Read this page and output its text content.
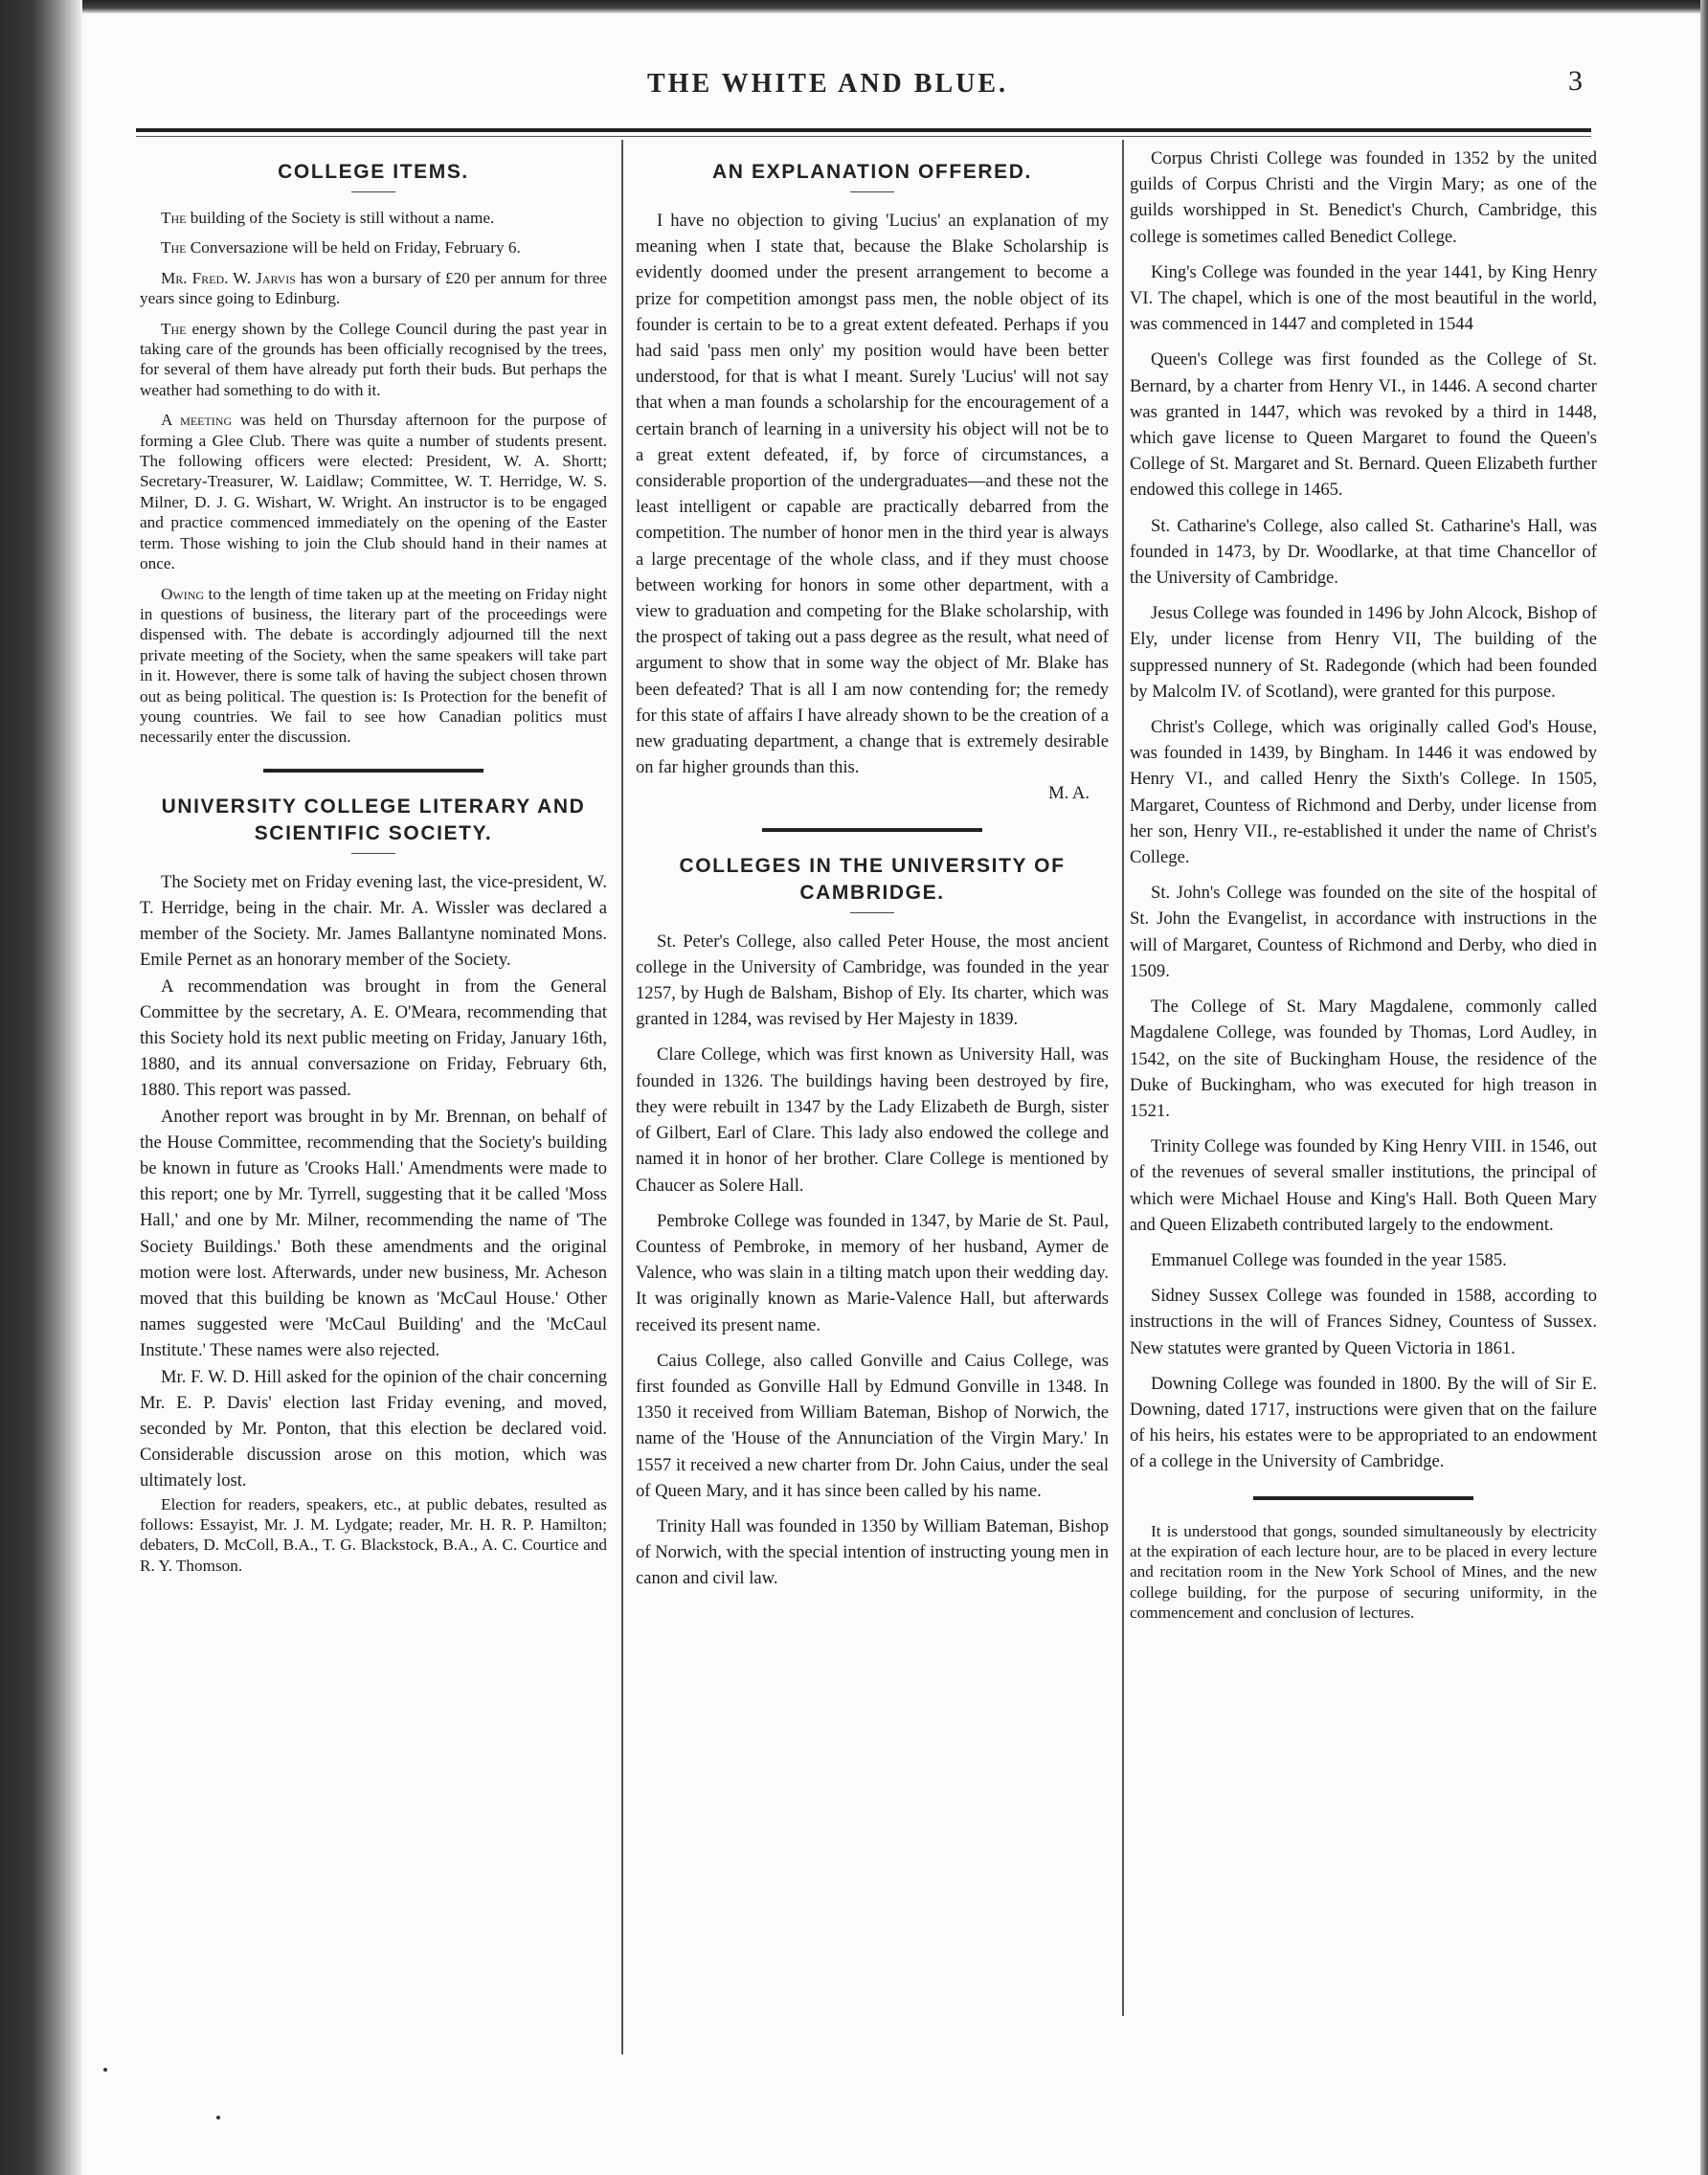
THE WHITE AND BLUE.	3
COLLEGE ITEMS.

The building of the Society is still without a name.

The Conversazione will be held on Friday, February 6.

Mr. Fred. W. Jarvis has won a bursary of £20 per annum for three years since going to Edinburg.

The energy shown by the College Council during the past year in taking care of the grounds has been officially recognised by the trees, for several of them have already put forth their buds. But perhaps the weather had something to do with it.

A meeting was held on Thursday afternoon for the purpose of forming a Glee Club. There was quite a number of students present. The following officers were elected: President, W. A. Shortt; Secretary-Treasurer, W. Laidlaw; Committee, W. T. Herridge, W. S. Milner, D. J. G. Wishart, W. Wright. An instructor is to be engaged and practice commenced immediately on the opening of the Easter term. Those wishing to join the Club should hand in their names at once.

Owing to the length of time taken up at the meeting on Friday night in questions of business, the literary part of the proceedings were dispensed with. The debate is accordingly adjourned till the next private meeting of the Society, when the same speakers will take part in it. However, there is some talk of having the subject chosen thrown out as being political. The question is: Is Protection for the benefit of young countries. We fail to see how Canadian politics must necessarily enter the discussion.

UNIVERSITY COLLEGE LITERARY AND SCIENTIFIC SOCIETY.

The Society met on Friday evening last, the vice-president, W. T. Herridge, being in the chair. Mr. A. Wissler was declared a member of the Society. Mr. James Ballantyne nominated Mons. Emile Pernet as an honorary member of the Society.

A recommendation was brought in from the General Committee by the secretary, A. E. O'Meara, recommending that this Society hold its next public meeting on Friday, January 16th, 1880, and its annual conversazione on Friday, February 6th, 1880. This report was passed.

Another report was brought in by Mr. Brennan, on behalf of the House Committee, recommending that the Society's building be known in future as 'Crooks Hall.' Amendments were made to this report; one by Mr. Tyrrell, suggesting that it be called 'Moss Hall,' and one by Mr. Milner, recommending the name of 'The Society Buildings.' Both these amendments and the original motion were lost. Afterwards, under new business, Mr. Acheson moved that this building be known as 'McCaul House.' Other names suggested were 'McCaul Building' and the 'McCaul Institute.' These names were also rejected.

Mr. F. W. D. Hill asked for the opinion of the chair concerning Mr. E. P. Davis' election last Friday evening, and moved, seconded by Mr. Ponton, that this election be declared void. Considerable discussion arose on this motion, which was ultimately lost.

Election for readers, speakers, etc., at public debates, resulted as follows: Essayist, Mr. J. M. Lydgate; reader, Mr. H. R. P. Hamilton; debaters, D. McColl, B.A., T. G. Blackstock, B.A., A. C. Courtice and R. Y. Thomson.

AN EXPLANATION OFFERED.

I have no objection to giving 'Lucius' an explanation of my meaning when I state that, because the Blake Scholarship is evidently doomed under the present arrangement to become a prize for competition amongst pass men, the noble object of its founder is certain to be to a great extent defeated. Perhaps if you had said 'pass men only' my position would have been better understood, for that is what I meant. Surely 'Lucius' will not say that when a man founds a scholarship for the encouragement of a certain branch of learning in a university his object will not be to a great extent defeated, if, by force of circumstances, a considerable proportion of the undergraduates—and these not the least intelligent or capable are practically debarred from the competition. The number of honor men in the third year is always a large precentage of the whole class, and if they must choose between working for honors in some other department, with a view to graduation and competing for the Blake scholarship, with the prospect of taking out a pass degree as the result, what need of argument to show that in some way the object of Mr. Blake has been defeated? That is all I am now contending for; the remedy for this state of affairs I have already shown to be the creation of a new graduating department, a change that is extremely desirable on far higher grounds than this.

M. A.
COLLEGES IN THE UNIVERSITY OF CAMBRIDGE.

St. Peter's College, also called Peter House, the most ancient college in the University of Cambridge, was founded in the year 1257, by Hugh de Balsham, Bishop of Ely. Its charter, which was granted in 1284, was revised by Her Majesty in 1839.

Clare College, which was first known as University Hall, was founded in 1326. The buildings having been destroyed by fire, they were rebuilt in 1347 by the Lady Elizabeth de Burgh, sister of Gilbert, Earl of Clare. This lady also endowed the college and named it in honor of her brother. Clare College is mentioned by Chaucer as Solere Hall.

Pembroke College was founded in 1347, by Marie de St. Paul, Countess of Pembroke, in memory of her husband, Aymer de Valence, who was slain in a tilting match upon their wedding day. It was originally known as Marie-Valence Hall, but afterwards received its present name.

Caius College, also called Gonville and Caius College, was first founded as Gonville Hall by Edmund Gonville in 1348. In 1350 it received from William Bateman, Bishop of Norwich, the name of the 'House of the Annunciation of the Virgin Mary.' In 1557 it received a new charter from Dr. John Caius, under the seal of Queen Mary, and it has since been called by his name.

Trinity Hall was founded in 1350 by William Bateman, Bishop of Norwich, with the special intention of instructing young men in canon and civil law.

Corpus Christi College was founded in 1352 by the united guilds of Corpus Christi and the Virgin Mary; as one of the guilds worshipped in St. Benedict's Church, Cambridge, this college is sometimes called Benedict College.

King's College was founded in the year 1441, by King Henry VI. The chapel, which is one of the most beautiful in the world, was commenced in 1447 and completed in 1544

Queen's College was first founded as the College of St. Bernard, by a charter from Henry VI., in 1446. A second charter was granted in 1447, which was revoked by a third in 1448, which gave license to Queen Margaret to found the Queen's College of St. Margaret and St. Bernard. Queen Elizabeth further endowed this college in 1465.

St. Catharine's College, also called St. Catharine's Hall, was founded in 1473, by Dr. Woodlarke, at that time Chancellor of the University of Cambridge.

Jesus College was founded in 1496 by John Alcock, Bishop of Ely, under license from Henry VII, The building of the suppressed nunnery of St. Radegonde (which had been founded by Malcolm IV. of Scotland), were granted for this purpose.

Christ's College, which was originally called God's House, was founded in 1439, by Bingham. In 1446 it was endowed by Henry VI., and called Henry the Sixth's College. In 1505, Margaret, Countess of Richmond and Derby, under license from her son, Henry VII., re-established it under the name of Christ's College.

St. John's College was founded on the site of the hospital of St. John the Evangelist, in accordance with instructions in the will of Margaret, Countess of Richmond and Derby, who died in 1509.

The College of St. Mary Magdalene, commonly called Magdalene College, was founded by Thomas, Lord Audley, in 1542, on the site of Buckingham House, the residence of the Duke of Buckingham, who was executed for high treason in 1521.

Trinity College was founded by King Henry VIII. in 1546, out of the revenues of several smaller institutions, the principal of which were Michael House and King's Hall. Both Queen Mary and Queen Elizabeth contributed largely to the endowment.

Emmanuel College was founded in the year 1585.

Sidney Sussex College was founded in 1588, according to instructions in the will of Frances Sidney, Countess of Sussex. New statutes were granted by Queen Victoria in 1861.

Downing College was founded in 1800. By the will of Sir E. Downing, dated 1717, instructions were given that on the failure of his heirs, his estates were to be appropriated to an endowment of a college in the University of Cambridge.

It is understood that gongs, sounded simultaneously by electricity at the expiration of each lecture hour, are to be placed in every lecture and recitation room in the New York School of Mines, and the new college building, for the purpose of securing uniformity, in the commencement and conclusion of lectures.
